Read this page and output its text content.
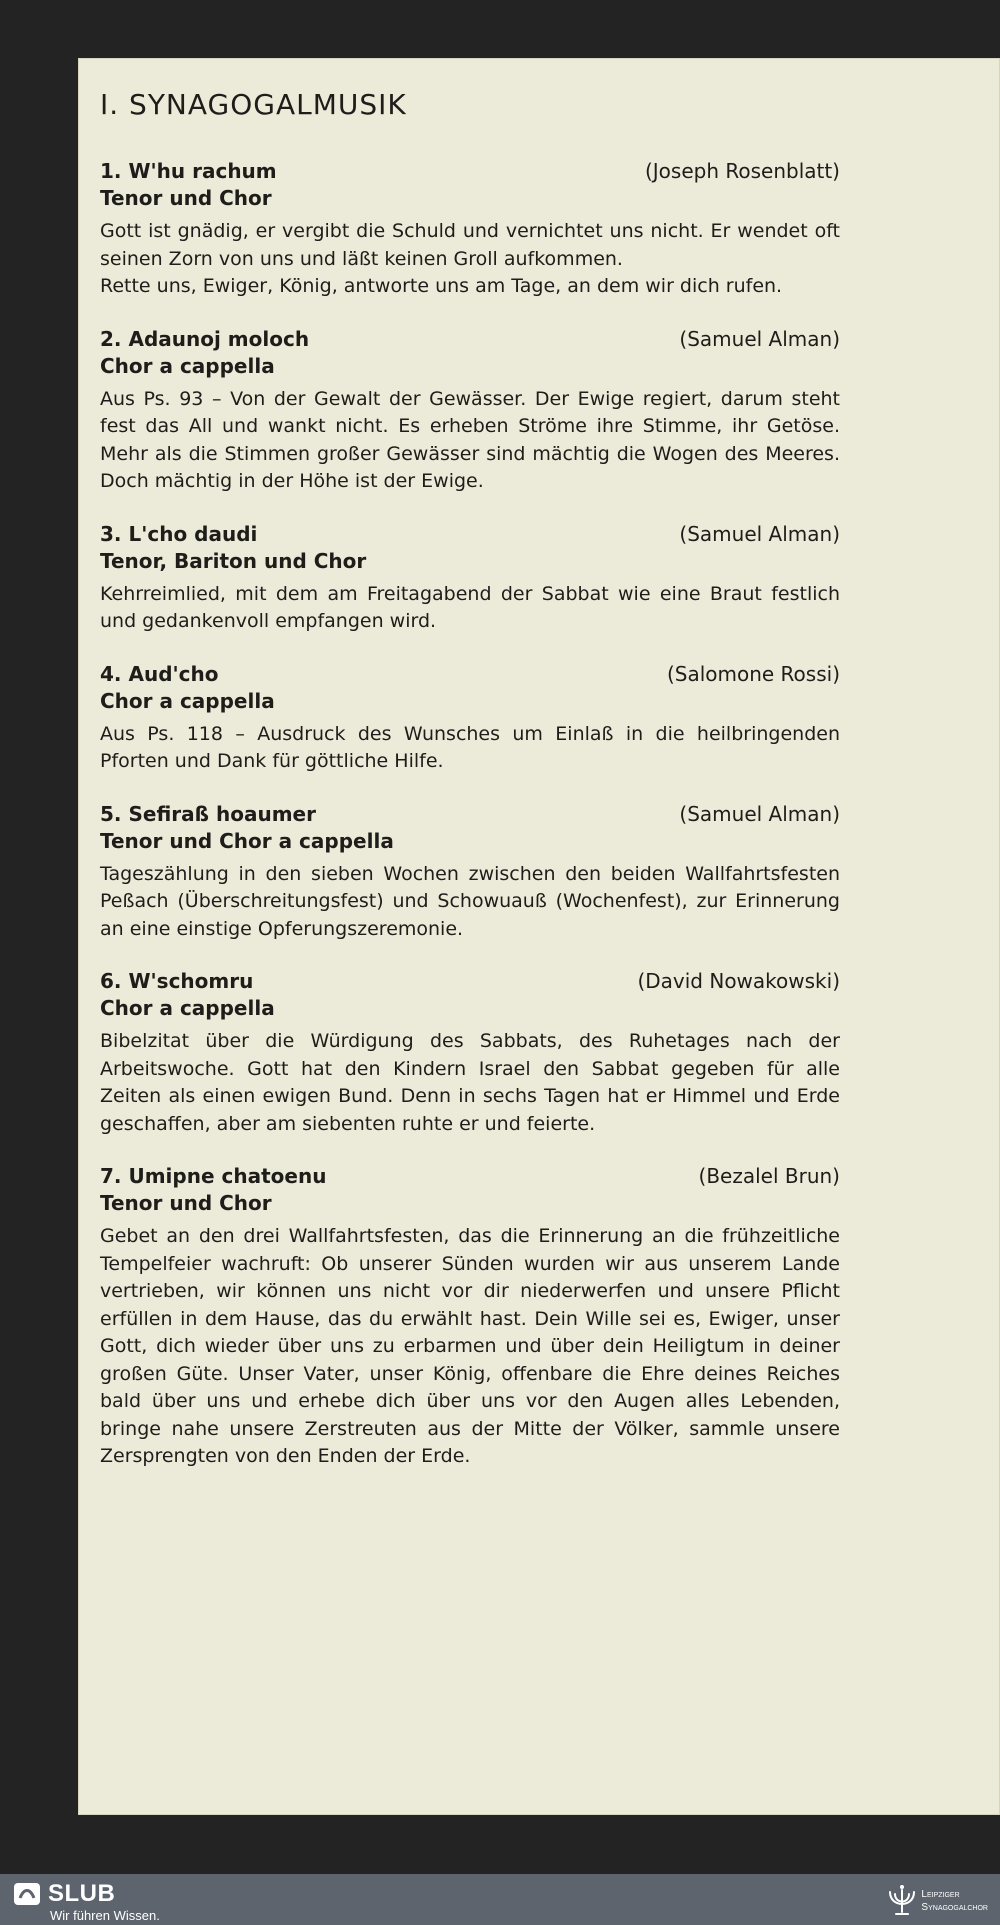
I. SYNAGOGALMUSIK
1. W'hu rachum	(Joseph Rosenblatt)
Tenor und Chor

Gott ist gnädig, er vergibt die Schuld und vernichtet uns nicht. Er wendet oft seinen Zorn von uns und läßt keinen Groll aufkommen.

Rette uns, Ewiger, König, antworte uns am Tage, an dem wir dich rufen.

2. Adaunoj moloch	(Samuel Alman)
Chor a cappella

Aus Ps. 93 – Von der Gewalt der Gewässer. Der Ewige regiert, darum steht fest das All und wankt nicht. Es erheben Ströme ihre Stimme, ihr Getöse. Mehr als die Stimmen großer Gewässer sind mächtig die Wogen des Meeres. Doch mächtig in der Höhe ist der Ewige.

3. L'cho daudi	(Samuel Alman)
Tenor, Bariton und Chor

Kehrreimlied, mit dem am Freitagabend der Sabbat wie eine Braut festlich und gedankenvoll empfangen wird.

4. Aud'cho	(Salomone Rossi)
Chor a cappella

Aus Ps. 118 – Ausdruck des Wunsches um Einlaß in die heilbringenden Pforten und Dank für göttliche Hilfe.

5. Sefiraß hoaumer	(Samuel Alman)
Tenor und Chor a cappella

Tageszählung in den sieben Wochen zwischen den beiden Wallfahrtsfesten Peßach (Überschreitungsfest) und Schowuauß (Wochenfest), zur Erinnerung an eine einstige Opferungszeremonie.

6. W'schomru	(David Nowakowski)
Chor a cappella

Bibelzitat über die Würdigung des Sabbats, des Ruhetages nach der Arbeitswoche. Gott hat den Kindern Israel den Sabbat gegeben für alle Zeiten als einen ewigen Bund. Denn in sechs Tagen hat er Himmel und Erde geschaffen, aber am siebenten ruhte er und feierte.

7. Umipne chatoenu	(Bezalel Brun)
Tenor und Chor

Gebet an den drei Wallfahrtsfesten, das die Erinnerung an die frühzeitliche Tempelfeier wachruft: Ob unserer Sünden wurden wir aus unserem Lande vertrieben, wir können uns nicht vor dir niederwerfen und unsere Pflicht erfüllen in dem Hause, das du erwählt hast. Dein Wille sei es, Ewiger, unser Gott, dich wieder über uns zu erbarmen und über dein Heiligtum in deiner großen Güte. Unser Vater, unser König, offenbare die Ehre deines Reiches bald über uns und erhebe dich über uns vor den Augen alles Lebenden, bringe nahe unsere Zerstreuten aus der Mitte der Völker, sammle unsere Zersprengten von den Enden der Erde.

SLUB
Wir führen Wissen.
Leipziger
Synagogalchor
